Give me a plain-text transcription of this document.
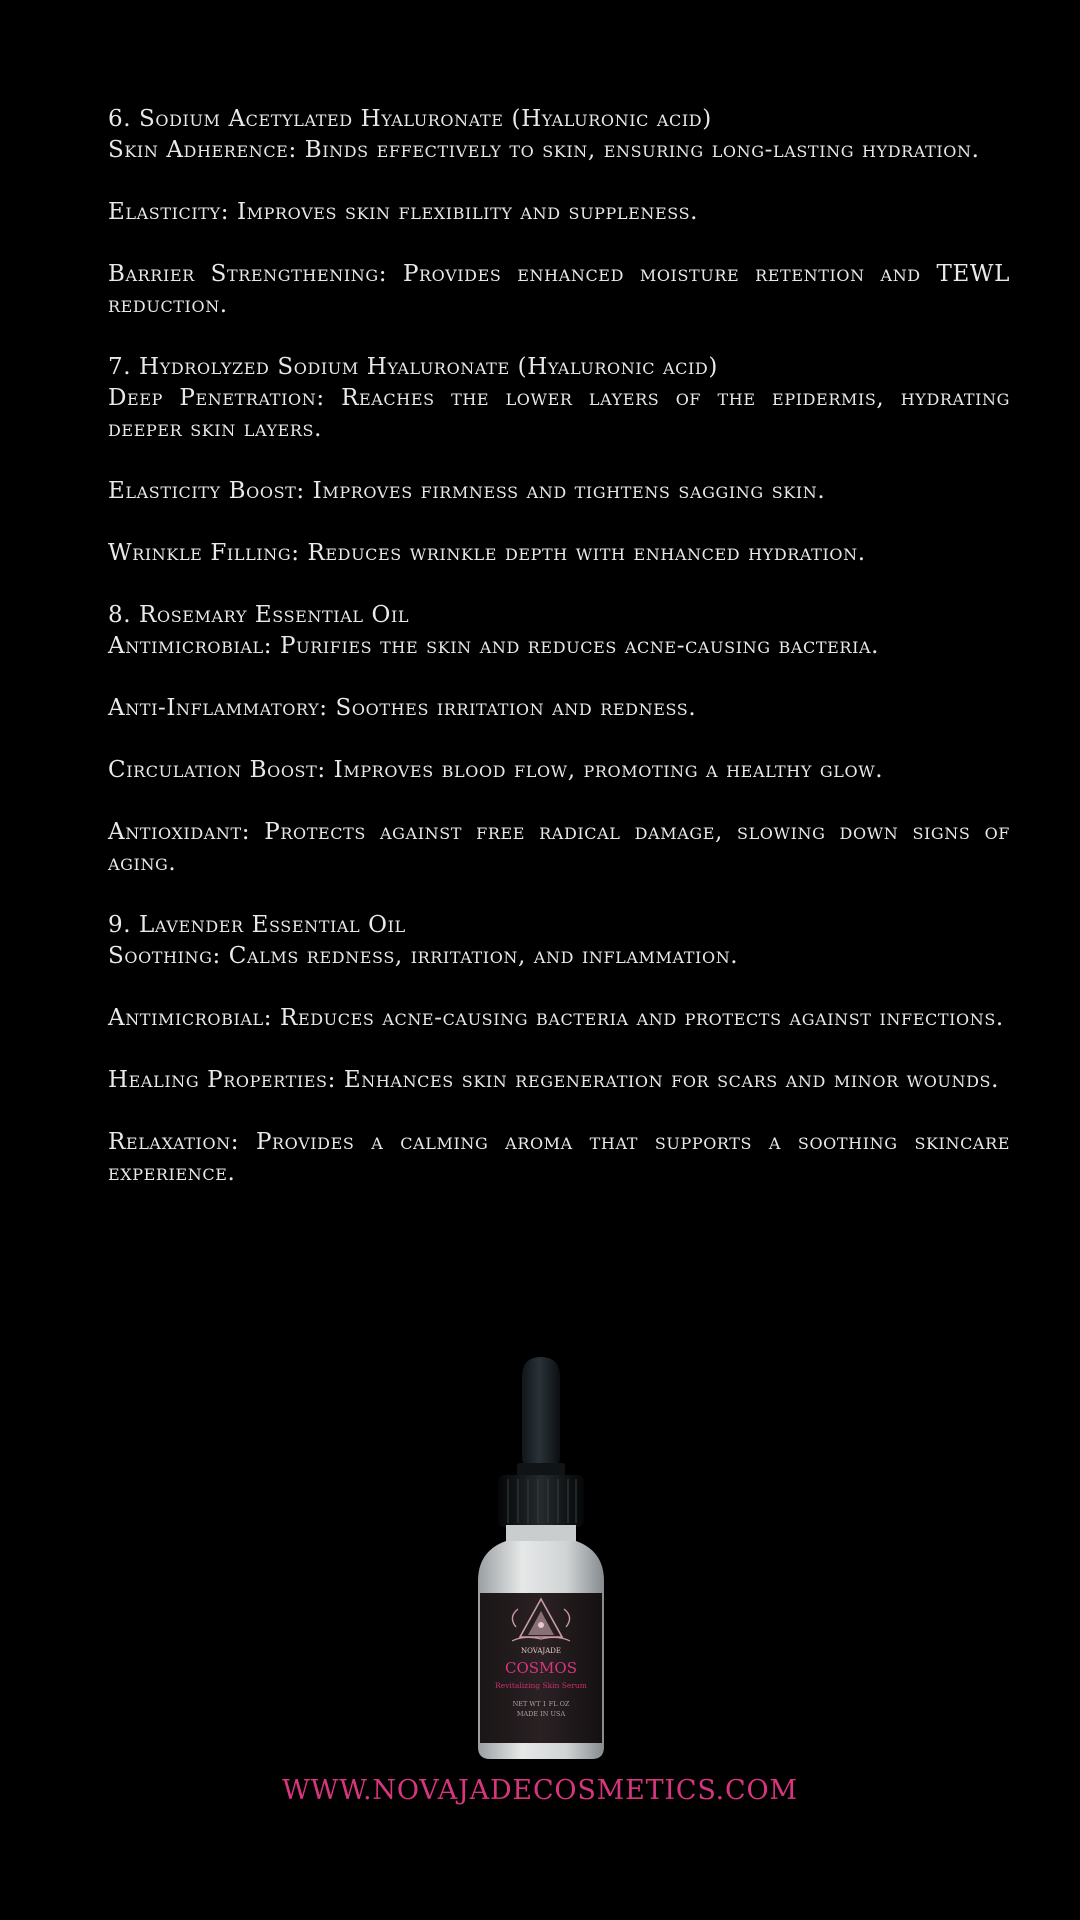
6. Sodium Acetylated Hyaluronate (Hyaluronic acid)
Skin Adherence: Binds effectively to skin, ensuring long-lasting hydration.

Elasticity: Improves skin flexibility and suppleness.

Barrier Strengthening: Provides enhanced moisture retention and TEWL reduction.

7. Hydrolyzed Sodium Hyaluronate (Hyaluronic acid)
Deep Penetration: Reaches the lower layers of the epidermis, hydrating deeper skin layers.

Elasticity Boost: Improves firmness and tightens sagging skin.

Wrinkle Filling: Reduces wrinkle depth with enhanced hydration.

8. Rosemary Essential Oil
Antimicrobial: Purifies the skin and reduces acne-causing bacteria.

Anti-Inflammatory: Soothes irritation and redness.

Circulation Boost: Improves blood flow, promoting a healthy glow.

Antioxidant: Protects against free radical damage, slowing down signs of aging.

9. Lavender Essential Oil
Soothing: Calms redness, irritation, and inflammation.

Antimicrobial: Reduces acne-causing bacteria and protects against infections.

Healing Properties: Enhances skin regeneration for scars and minor wounds.

Relaxation: Provides a calming aroma that supports a soothing skincare experience.

NOVAJADE
COSMOS
Revitalizing Skin Serum
NET WT 1 FL OZ
MADE IN USA
WWW.NOVAJADECOSMETICS.COM
